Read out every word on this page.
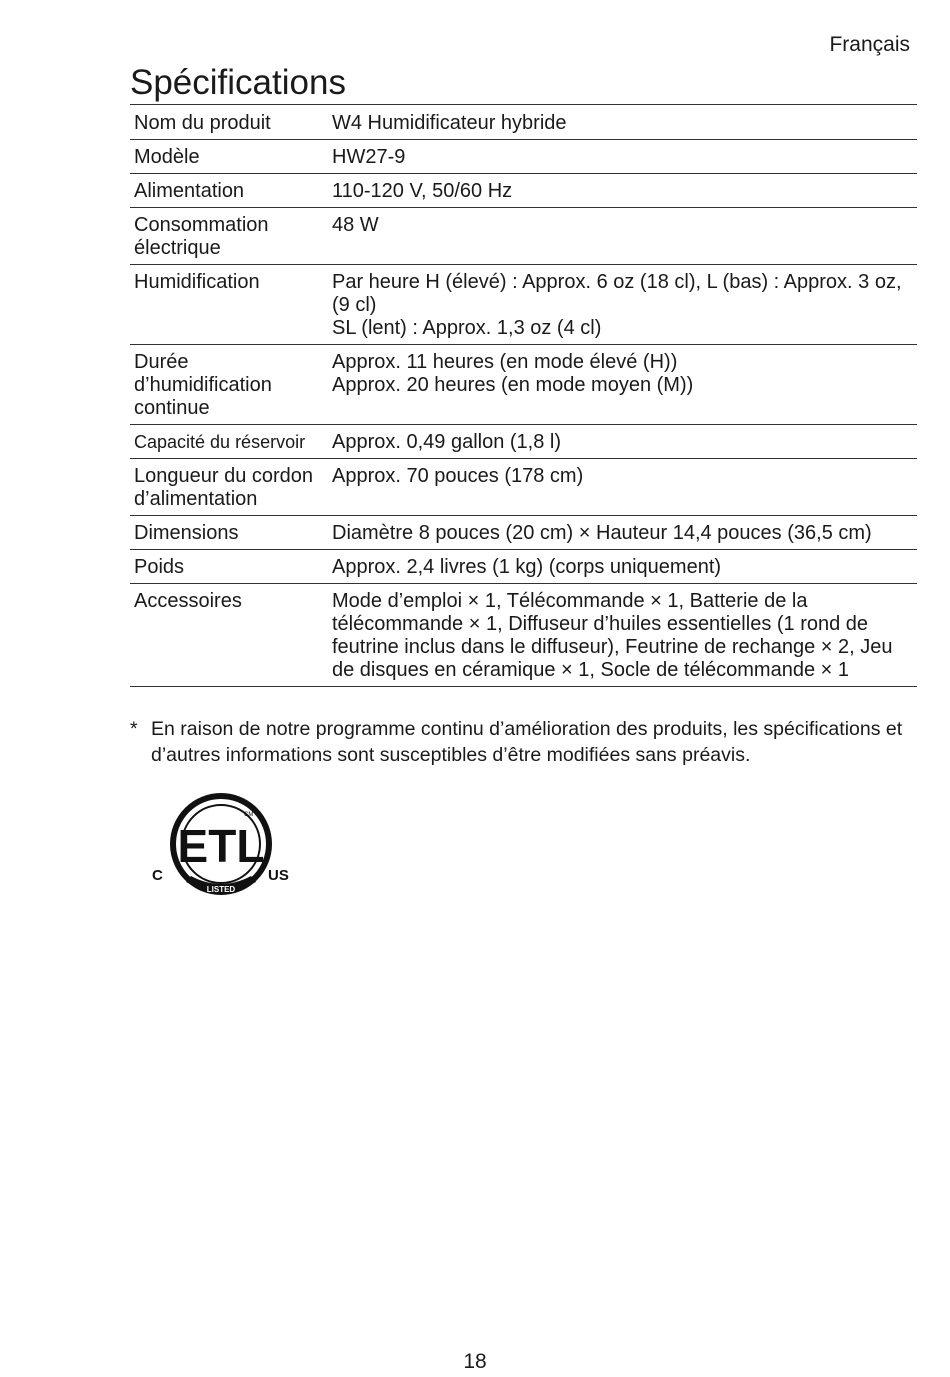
Français
Spécifications
Nom du produit	W4 Humidificateur hybride
Modèle	HW27-9
Alimentation	110-120 V, 50/60 Hz

Consommation
électrique	48 W
Humidification	Par heure H (élevé) : Approx. 6 oz (18 cl), L (bas) : Approx. 3 oz, (9 cl)
SL (lent) : Approx. 1,3 oz (4 cl)

Durée
d’humidification
continue	Approx. 11 heures (en mode élevé (H))
Approx. 20 heures (en mode moyen (M))

Capacité du réservoir	Approx. 0,49 gallon (1,8 l)

Longueur du cordon
d’alimentation	Approx. 70 pouces (178 cm)
Dimensions	Diamètre 8 pouces (20 cm) × Hauteur 14,4 pouces (36,5 cm)
Poids	Approx. 2,4 livres (1 kg) (corps uniquement)
Accessoires	Mode d’emploi × 1, Télécommande × 1, Batterie de la télécommande × 1, Diffuseur d’huiles essentielles (1 rond de feutrine inclus dans le diffuseur), Feutrine de rechange × 2, Jeu de disques en céramique × 1, Socle de télécommande × 1
* En raison de notre programme continu d’amélioration des produits, les spécifications et d’autres informations sont susceptibles d’être modifiées sans préavis.
ETL
CM
C	US
LISTED
18
